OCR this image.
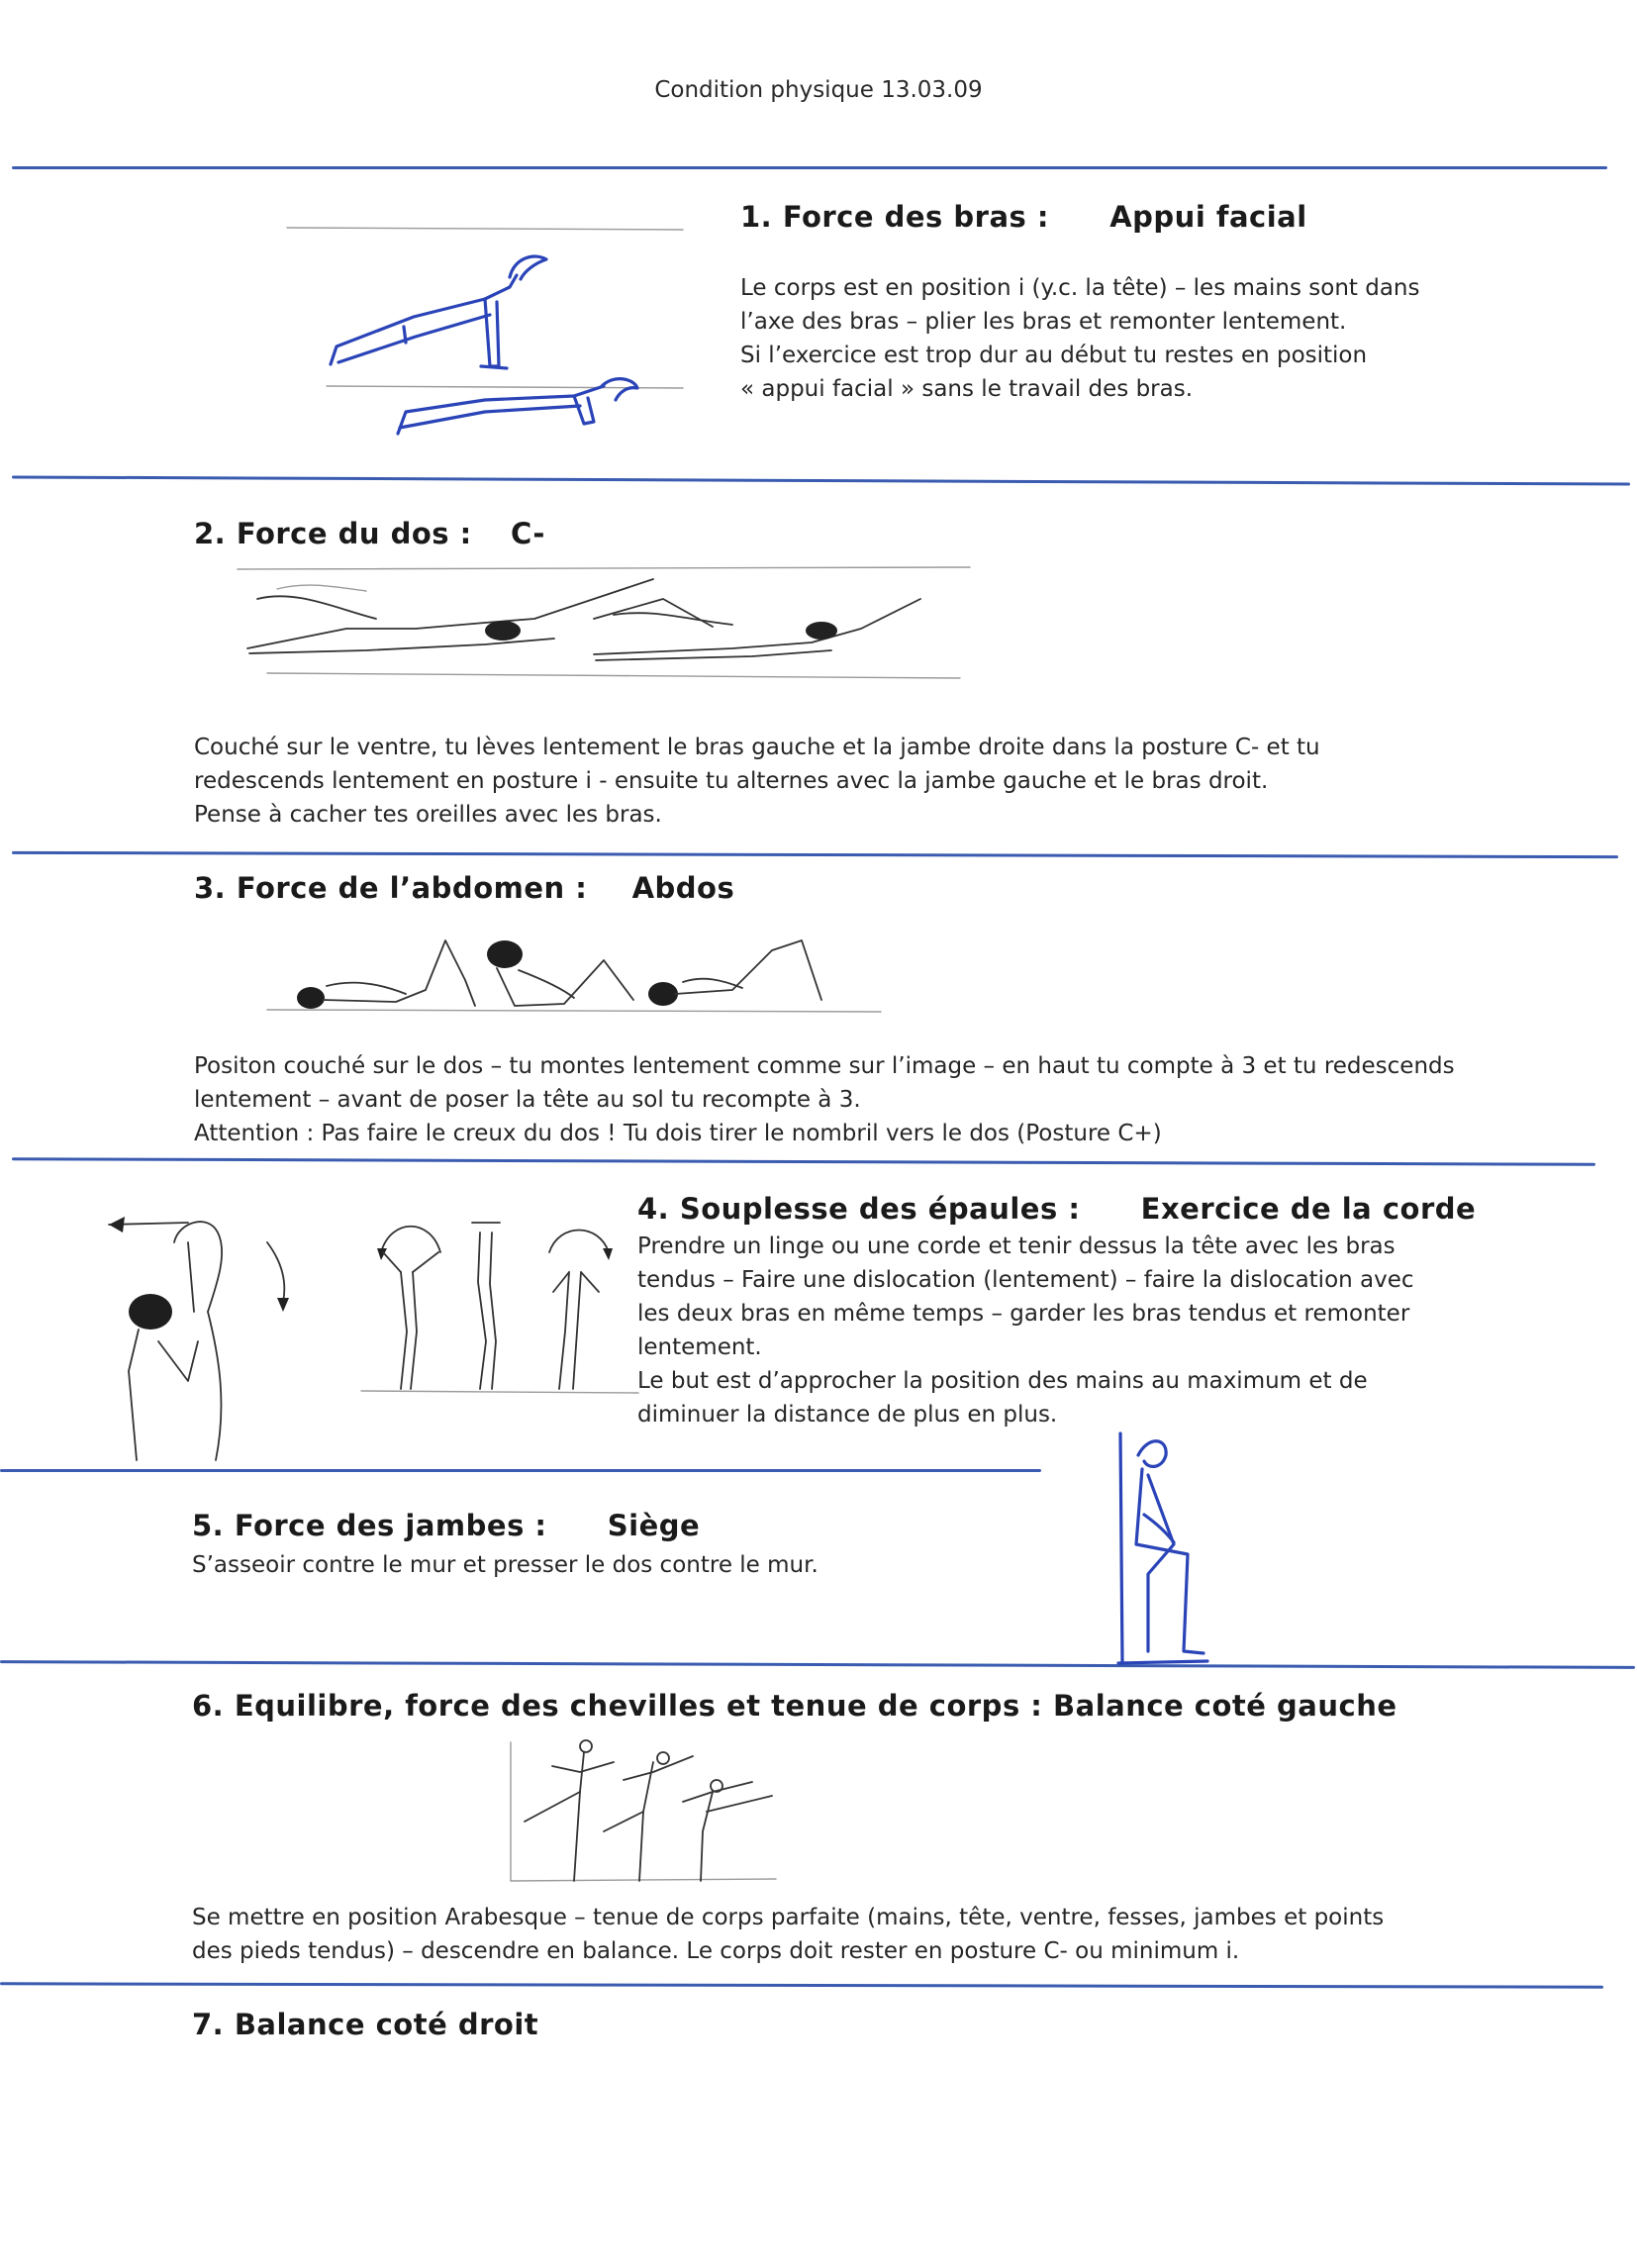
Condition physique 13.03.09
1. Force des bras : Appui facial

Le corps est en position i (y.c. la tête) – les mains sont dans

l’axe des bras – plier les bras et remonter lentement.

Si l’exercice est trop dur au début tu restes en position

« appui facial » sans le travail des bras.

2. Force du dos : C-

Couché sur le ventre, tu lèves lentement le bras gauche et la jambe droite dans la posture C- et tu

redescends lentement en posture i - ensuite tu alternes avec la jambe gauche et le bras droit.

Pense à cacher tes oreilles avec les bras.

3. Force de l’abdomen : Abdos

Positon couché sur le dos – tu montes lentement comme sur l’image – en haut tu compte à 3 et tu redescends

lentement – avant de poser la tête au sol tu recompte à 3.

Attention : Pas faire le creux du dos ! Tu dois tirer le nombril vers le dos (Posture C+)

4. Souplesse des épaules : Exercice de la corde

Prendre un linge ou une corde et tenir dessus la tête avec les bras

tendus – Faire une dislocation (lentement) – faire la dislocation avec

les deux bras en même temps – garder les bras tendus et remonter

lentement.

Le but est d’approcher la position des mains au maximum et de

diminuer la distance de plus en plus.

5. Force des jambes : Siège

S’asseoir contre le mur et presser le dos contre le mur.

6. Equilibre, force des chevilles et tenue de corps : Balance coté gauche

Se mettre en position Arabesque – tenue de corps parfaite (mains, tête, ventre, fesses, jambes et points

des pieds tendus) – descendre en balance. Le corps doit rester en posture C- ou minimum i.

7. Balance coté droit
